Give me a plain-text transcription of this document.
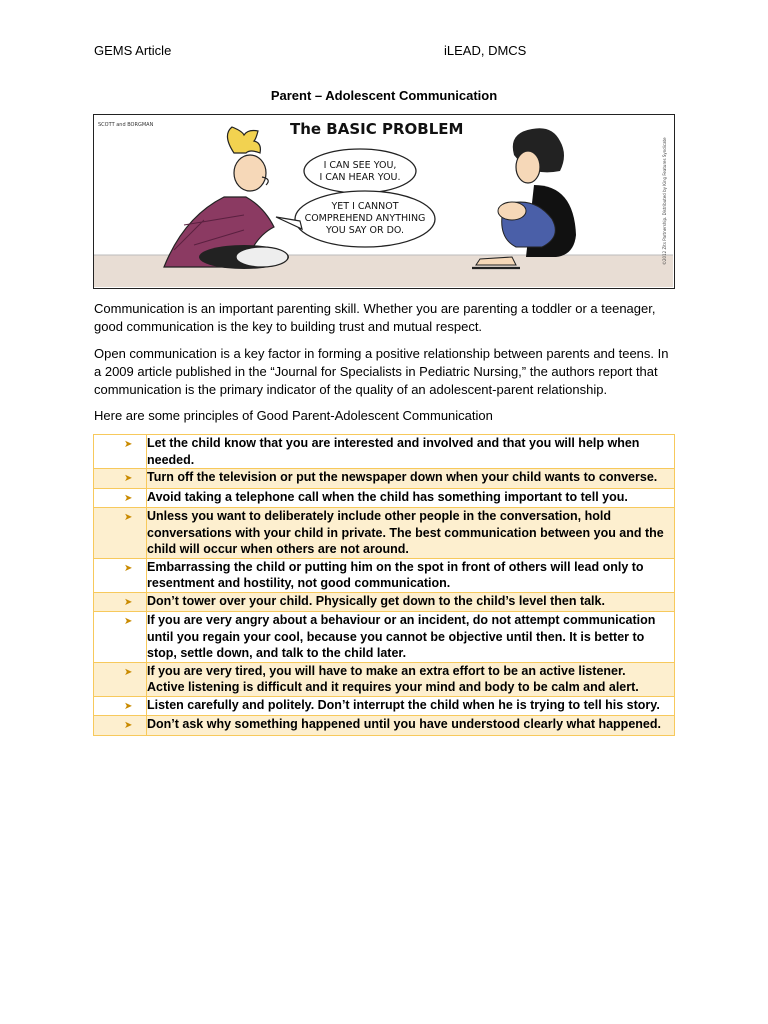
GEMS Article	iLEAD, DMCS
Parent – Adolescent Communication
SCOTT and BORGMAN	The BASIC PROBLEM
I CAN SEE YOU,
I CAN HEAR YOU.
YET I CANNOT
COMPREHEND ANYTHING
YOU SAY OR DO.	©2012 Zits Partnership. Distributed by King Features Syndicate
Communication is an important parenting skill. Whether you are parenting a toddler or a teenager, good communication is the key to building trust and mutual respect.
Open communication is a key factor in forming a positive relationship between parents and teens. In a 2009 article published in the “Journal for Specialists in Pediatric Nursing,” the authors report that communication is the primary indicator of the quality of an adolescent-parent relationship.
Here are some principles of Good Parent-Adolescent Communication
➤	Let the child know that you are interested and involved and that you will help when needed.
➤	Turn off the television or put the newspaper down when your child wants to converse.
➤	Avoid taking a telephone call when the child has something important to tell you.
➤	Unless you want to deliberately include other people in the conversation, hold conversations with your child in private. The best communication between you and the child will occur when others are not around.
➤	Embarrassing the child or putting him on the spot in front of others will lead only to resentment and hostility, not good communication.
➤	Don’t tower over your child. Physically get down to the child’s level then talk.
➤	If you are very angry about a behaviour or an incident, do not attempt communication until you regain your cool, because you cannot be objective until then. It is better to stop, settle down, and talk to the child later.
➤	If you are very tired, you will have to make an extra effort to be an active listener. Active listening is difficult and it requires your mind and body to be calm and alert.
➤	Listen carefully and politely. Don’t interrupt the child when he is trying to tell his story.
➤	Don’t ask why something happened until you have understood clearly what happened.
